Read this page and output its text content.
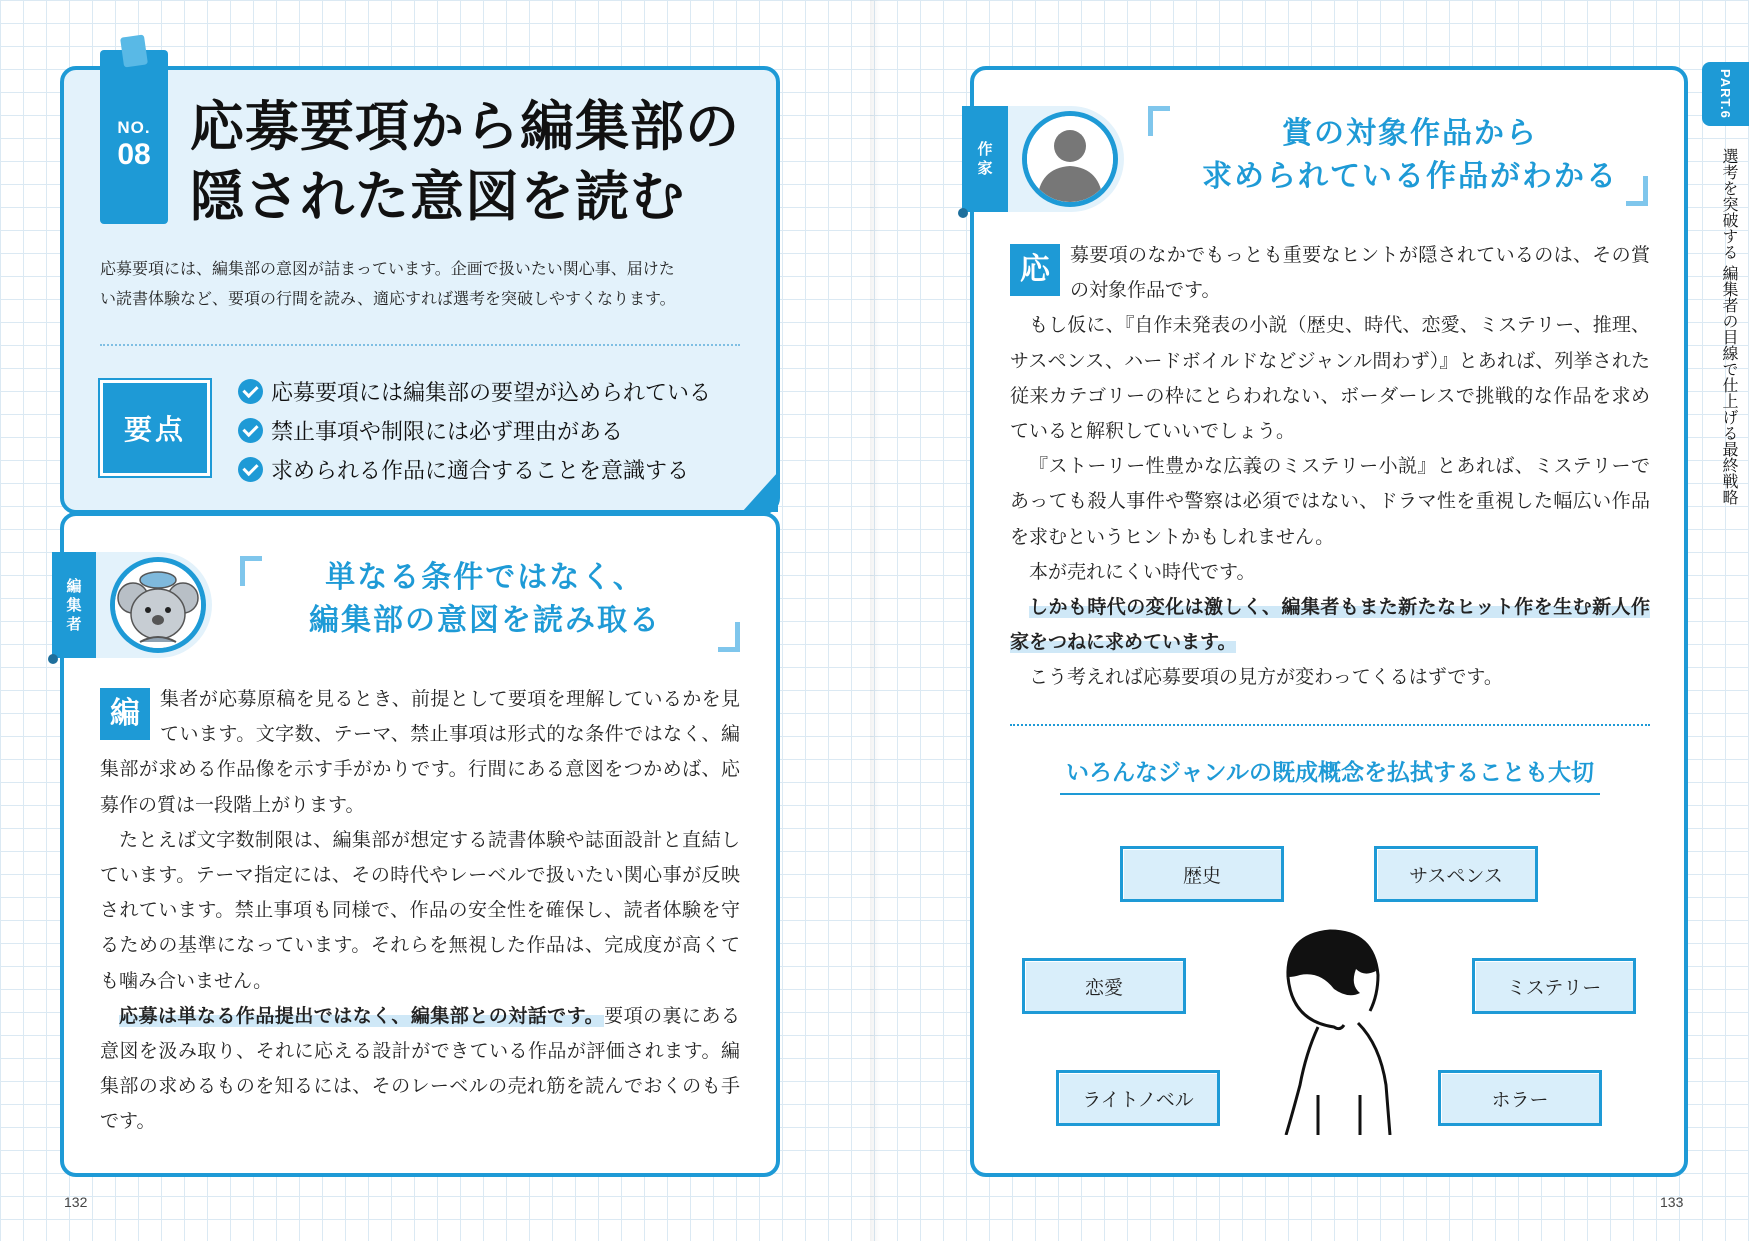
NO.
08 応募要項から編集部の
隠された意図を読む
応募要項には、編集部の意図が詰まっています。企画で扱いたい関心事、届けた
い読書体験など、要項の行間を読み、適応すれば選考を突破しやすくなります。
要点
応募要項には編集部の要望が込められている
禁止事項や制限には必ず理由がある
求められる作品に適合することを意識する
編
集
者
単なる条件ではなく、
編集部の意図を読み取る

編	集者が応募原稿を見るとき、前提として要項を理解しているかを見ています。文字数、テーマ、禁止事項は形式的な条件ではなく、編集部が求める作品像を示す手がかりです。行間にある意図をつかめば、応募作の質は一段階上がります。

たとえば文字数制限は、編集部が想定する読書体験や誌面設計と直結しています。テーマ指定には、その時代やレーベルで扱いたい関心事が反映されています。禁止事項も同様で、作品の安全性を確保し、読者体験を守るための基準になっています。それらを無視した作品は、完成度が高くても噛み合いません。

応募は単なる作品提出ではなく、編集部との対話です。要項の裏にある意図を汲み取り、それに応える設計ができている作品が評価されます。編集部の求めるものを知るには、そのレーベルの売れ筋を読んでおくのも手です。

132
作
家
賞の対象作品から
求められている作品がわかる

応	募要項のなかでもっとも重要なヒントが隠されているのは、その賞の対象作品です。

もし仮に、『自作未発表の小説（歴史、時代、恋愛、ミステリー、推理、サスペンス、ハードボイルドなどジャンル問わず）』とあれば、列挙された従来カテゴリーの枠にとらわれない、ボーダーレスで挑戦的な作品を求めていると解釈していいでしょう。

『ストーリー性豊かな広義のミステリー小説』とあれば、ミステリーであっても殺人事件や警察は必須ではない、ドラマ性を重視した幅広い作品を求むというヒントかもしれません。

本が売れにくい時代です。

しかも時代の変化は激しく、編集者もまた新たなヒット作を生む新人作家をつねに求めています。

こう考えれば応募要項の見方が変わってくるはずです。

いろんなジャンルの既成概念を払拭することも大切
歴史	サスペンス
恋愛	ミステリー
ライトノベル	ホラー
PART.6
選考を突破する 編集者の目線で仕上げる最終戦略
133
